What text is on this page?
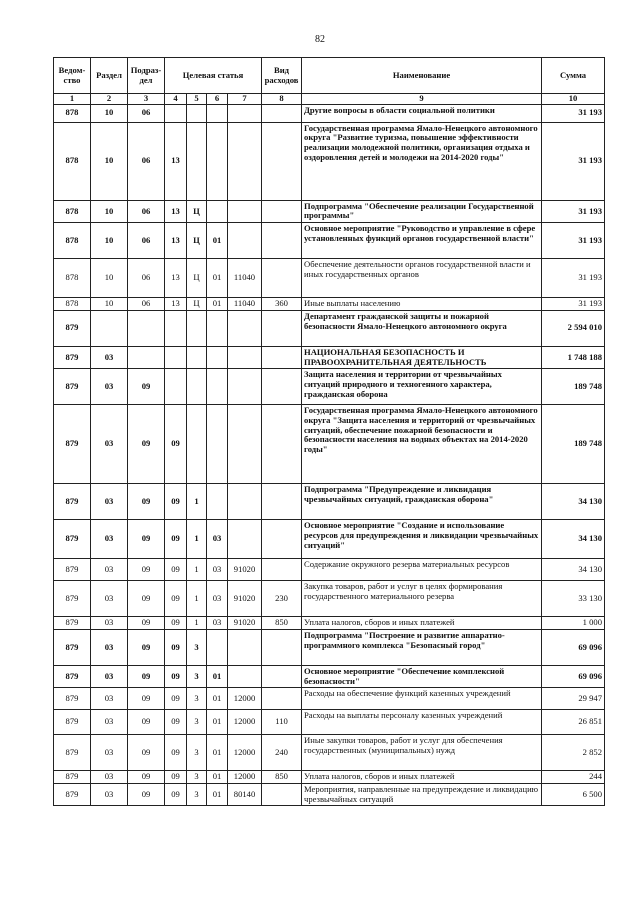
82
Ведом-ство	Раздел	Подраз-дел	Целевая статья				Вид расходов	Наименование	Сумма
1	2	3	4	5	6	7	8	9	10
878	10	06						Другие вопросы в области социальной политики	31 193
878	10	06	13					Государственная программа Ямало-Ненецкого автономного округа "Развитие туризма, повышение эффективности реализации молодежной политики, организация отдыха и оздоровления детей и молодежи на 2014-2020 годы"	31 193
878	10	06	13	Ц				Подпрограмма "Обеспечение реализации Государственной программы"	31 193
878	10	06	13	Ц	01			Основное мероприятие "Руководство и управление в сфере установленных функций органов государственной власти"	31 193
878	10	06	13	Ц	01	11040		Обеспечение деятельности органов государственной власти и иных государственных органов	31 193
878	10	06	13	Ц	01	11040	360	Иные выплаты населению	31 193
879								Департамент гражданской защиты и пожарной безопасности Ямало-Ненецкого автономного округа	2 594 010
879	03							НАЦИОНАЛЬНАЯ БЕЗОПАСНОСТЬ И ПРАВООХРАНИТЕЛЬНАЯ ДЕЯТЕЛЬНОСТЬ	1 748 188
879	03	09						Защита населения и территории от чрезвычайных ситуаций природного и техногенного характера, гражданская оборона	189 748
879	03	09	09					Государственная программа Ямало-Ненецкого автономного округа "Защита населения и территорий от чрезвычайных ситуаций, обеспечение пожарной безопасности и безопасности населения на водных объектах на 2014-2020 годы"	189 748
879	03	09	09	1				Подпрограмма "Предупреждение и ликвидация чрезвычайных ситуаций, гражданская оборона"	34 130
879	03	09	09	1	03			Основное мероприятие "Создание и использование ресурсов для предупреждения и ликвидации чрезвычайных ситуаций"	34 130
879	03	09	09	1	03	91020		Содержание окружного резерва материальных ресурсов	34 130
879	03	09	09	1	03	91020	230	Закупка товаров, работ и услуг в целях формирования государственного материального резерва	33 130
879	03	09	09	1	03	91020	850	Уплата налогов, сборов и иных платежей	1 000
879	03	09	09	3				Подпрограмма "Построение и развитие аппаратно-программного комплекса "Безопасный город"	69 096
879	03	09	09	3	01			Основное мероприятие "Обеспечение комплексной безопасности"	69 096
879	03	09	09	3	01	12000		Расходы на обеспечение функций казенных учреждений	29 947
879	03	09	09	3	01	12000	110	Расходы на выплаты персоналу казенных учреждений	26 851
879	03	09	09	3	01	12000	240	Иные закупки товаров, работ и услуг для обеспечения государственных (муниципальных) нужд	2 852
879	03	09	09	3	01	12000	850	Уплата налогов, сборов и иных платежей	244
879	03	09	09	3	01	80140		Мероприятия, направленные на предупреждение и ликвидацию чрезвычайных ситуаций	6 500
